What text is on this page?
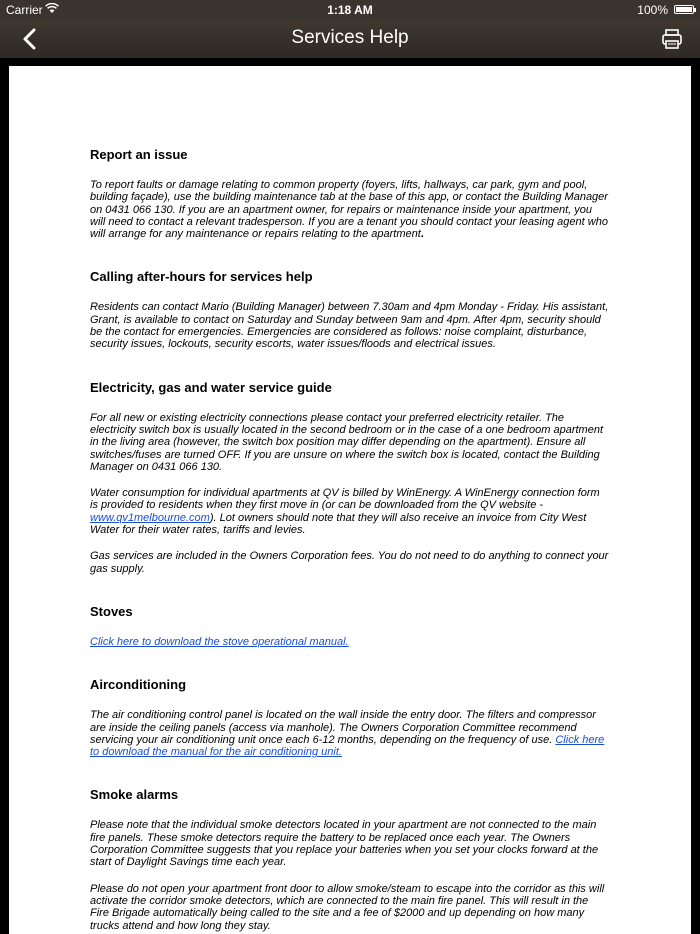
Carrier	1:18 AM	100%
Services Help
Report an issue

To report faults or damage relating to common property (foyers, lifts, hallways, car park, gym and pool, building façade), use the building maintenance tab at the base of this app, or contact the Building Manager on 0431 066 130. If you are an apartment owner, for repairs or maintenance inside your apartment, you will need to contact a relevant tradesperson. If you are a tenant you should contact your leasing agent who will arrange for any maintenance or repairs relating to the apartment.

Calling after-hours for services help

Residents can contact Mario (Building Manager) between 7.30am and 4pm Monday - Friday. His assistant, Grant, is available to contact on Saturday and Sunday between 9am and 4pm. After 4pm, security should be the contact for emergencies. Emergencies are considered as follows: noise complaint, disturbance, security issues, lockouts, security escorts, water issues/floods and electrical issues.

Electricity, gas and water service guide

For all new or existing electricity connections please contact your preferred electricity retailer. The electricity switch box is usually located in the second bedroom or in the case of a one bedroom apartment in the living area (however, the switch box position may differ depending on the apartment). Ensure all switches/fuses are turned OFF. If you are unsure on where the switch box is located, contact the Building Manager on 0431 066 130.

Water consumption for individual apartments at QV is billed by WinEnergy. A WinEnergy connection form is provided to residents when they first move in (or can be downloaded from the QV website - www.qv1melbourne.com). Lot owners should note that they will also receive an invoice from City West Water for their water rates, tariffs and levies.

Gas services are included in the Owners Corporation fees. You do not need to do anything to connect your gas supply.

Stoves

Click here to download the stove operational manual.

Airconditioning

The air conditioning control panel is located on the wall inside the entry door. The filters and compressor are inside the ceiling panels (access via manhole). The Owners Corporation Committee recommend servicing your air conditioning unit once each 6-12 months, depending on the frequency of use. Click here to download the manual for the air conditioning unit.

Smoke alarms

Please note that the individual smoke detectors located in your apartment are not connected to the main fire panels. These smoke detectors require the battery to be replaced once each year. The Owners Corporation Committee suggests that you replace your batteries when you set your clocks forward at the start of Daylight Savings time each year.

Please do not open your apartment front door to allow smoke/steam to escape into the corridor as this will activate the corridor smoke detectors, which are connected to the main fire panel. This will result in the Fire Brigade automatically being called to the site and a fee of $2000 and up depending on how many trucks attend and how long they stay.
